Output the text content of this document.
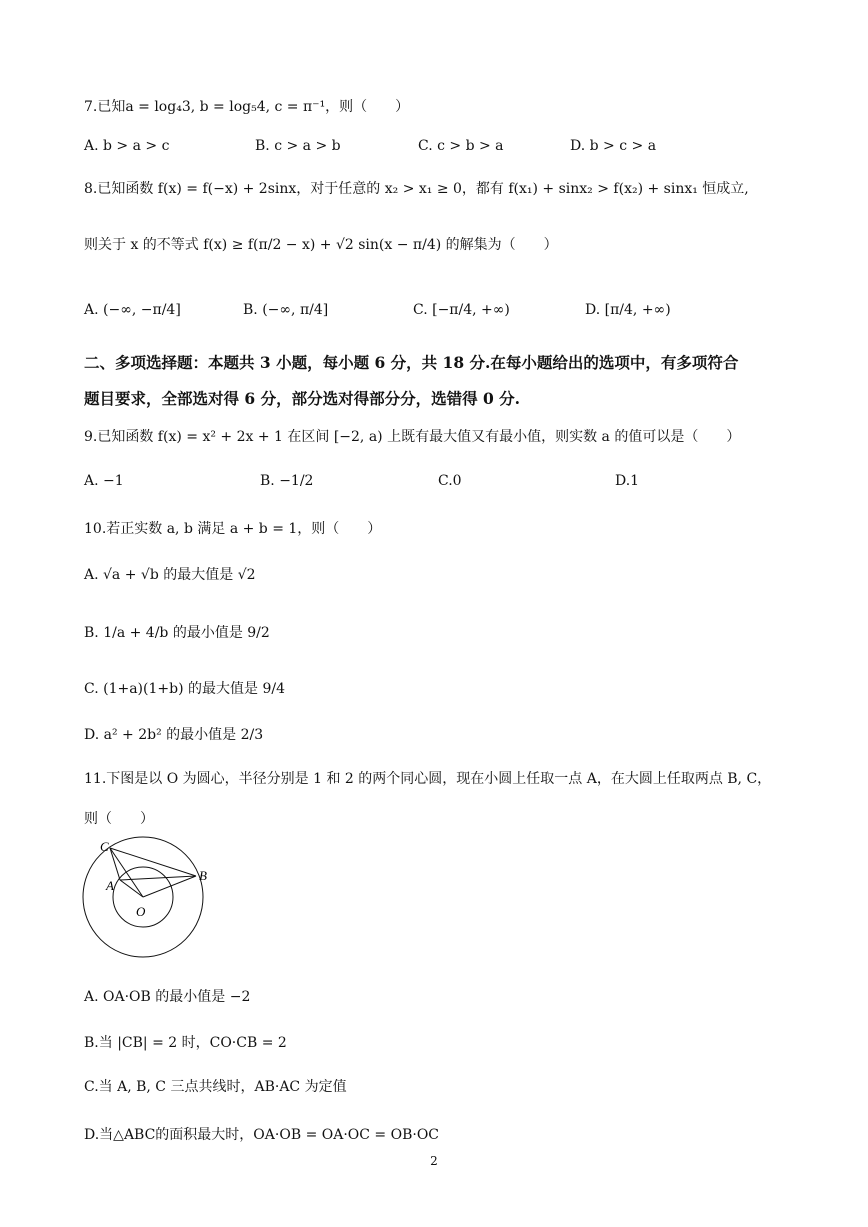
7.已知a = log₄3, b = log₅4, c = π⁻¹，则（　　）
A. b > a > c	B. c > a > b	C. c > b > a	D. b > c > a
8.已知函数 f(x) = f(−x) + 2sinx，对于任意的 x₂ > x₁ ≥ 0，都有 f(x₁) + sinx₂ > f(x₂) + sinx₁ 恒成立,
则关于 x 的不等式 f(x) ≥ f(π/2 − x) + √2 sin(x − π/4) 的解集为（　　）
A. (−∞, −π/4]	B. (−∞, π/4]	C. [−π/4, +∞)	D. [π/4, +∞)
二、多项选择题：本题共 3 小题，每小题 6 分，共 18 分.在每小题给出的选项中，有多项符合
题目要求，全部选对得 6 分，部分选对得部分分，选错得 0 分.
9.已知函数 f(x) = x² + 2x + 1 在区间 [−2, a) 上既有最大值又有最小值，则实数 a 的值可以是（　　）
A. −1	B. −1/2	C.0	D.1
10.若正实数 a, b 满足 a + b = 1，则（　　）
A. √a + √b 的最大值是 √2
B. 1/a + 4/b 的最小值是 9/2
C. (1+a)(1+b) 的最大值是 9/4
D. a² + 2b² 的最小值是 2/3
11.下图是以 O 为圆心，半径分别是 1 和 2 的两个同心圆，现在小圆上任取一点 A，在大圆上任取两点 B, C，
则（　　）
C
A
B
O
A. OA·OB 的最小值是 −2
B.当 |CB| = 2 时，CO·CB = 2
C.当 A, B, C 三点共线时，AB·AC 为定值
D.当△ABC的面积最大时，OA·OB = OA·OC = OB·OC
2
